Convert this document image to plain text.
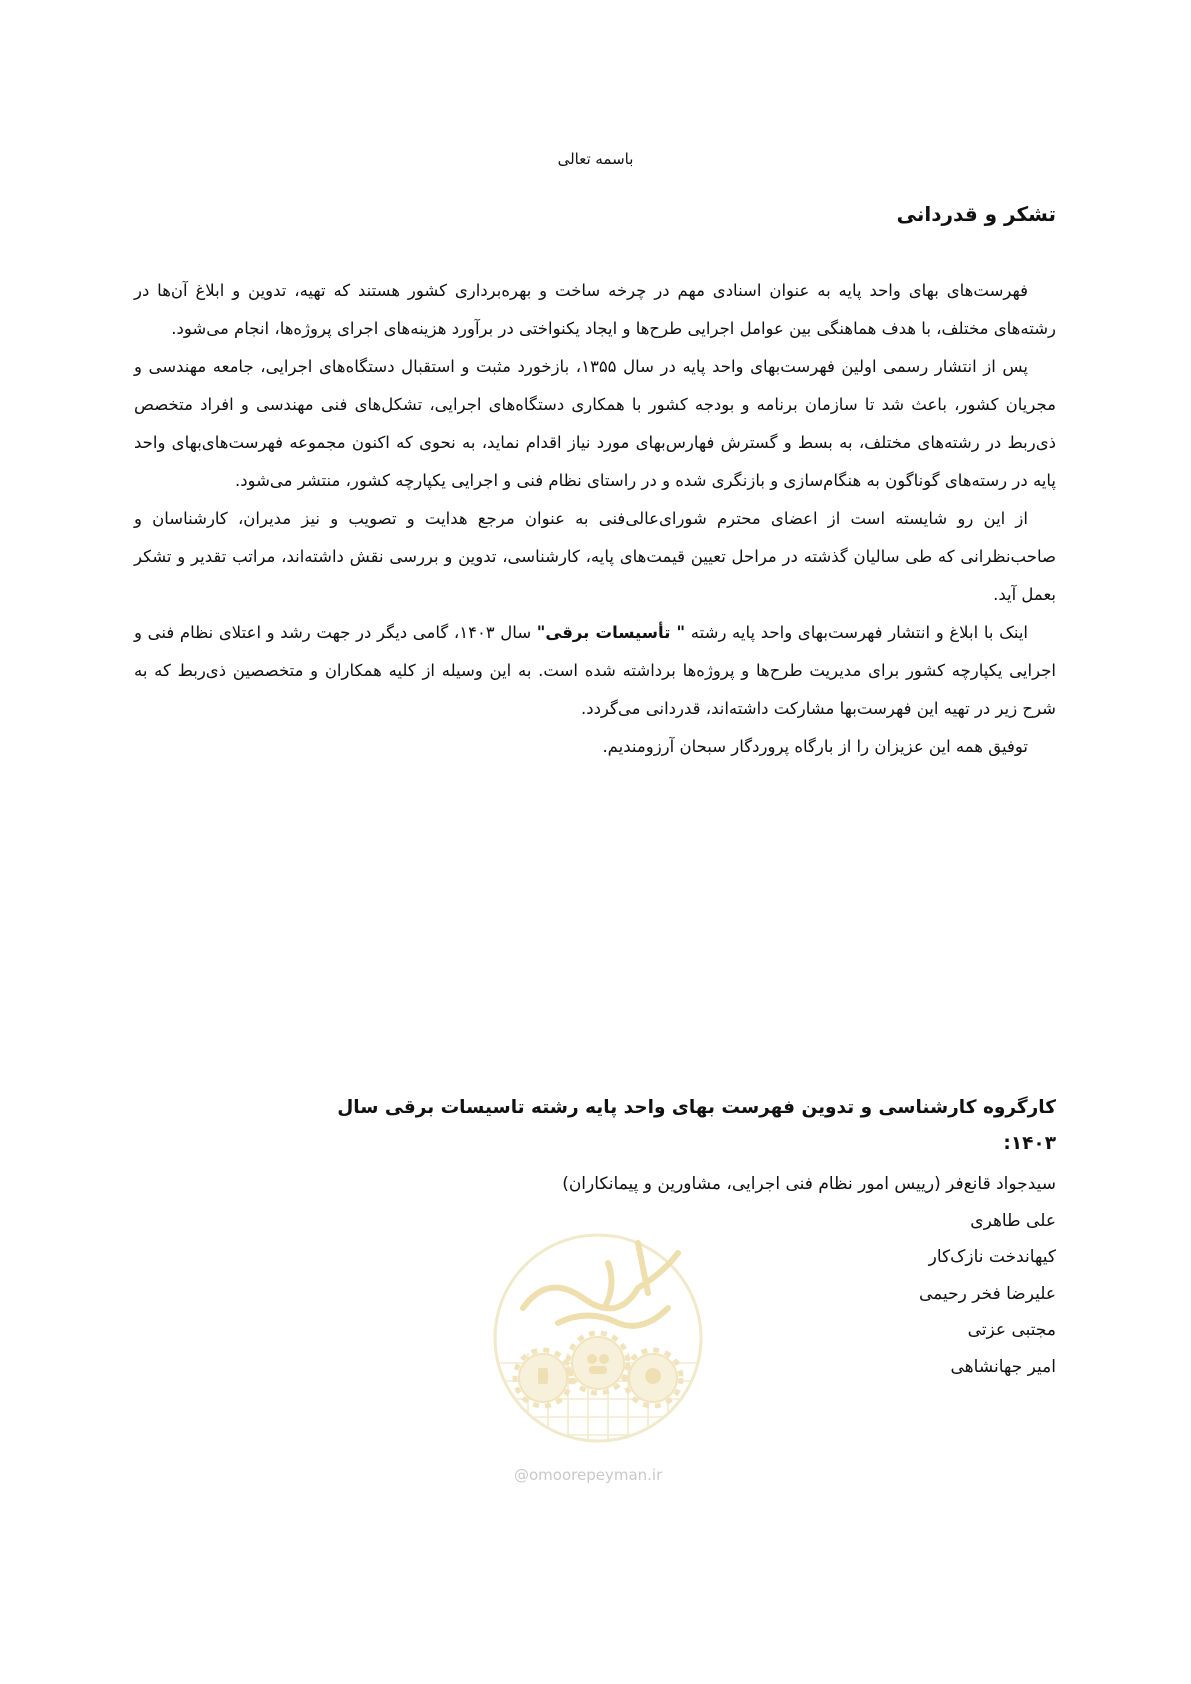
باسمه تعالی
تشکر و قدردانی

فهرست‌های بهای واحد پایه به عنوان اسنادی مهم در چرخه ساخت و بهره‌برداری کشور هستند که تهیه، تدوین و ابلاغ آن‌ها در رشته‌های مختلف، با هدف هماهنگی بین عوامل اجرایی طرح‌ها و ایجاد یکنواختی در برآورد هزینه‌های اجرای پروژه‌ها، انجام می‌شود.

پس از انتشار رسمی اولین فهرست‌بهای واحد پایه در سال ۱۳۵۵، بازخورد مثبت و استقبال دستگاه‌های اجرایی، جامعه مهندسی و مجریان کشور، باعث شد تا سازمان برنامه و بودجه کشور با همکاری دستگاه‌های اجرایی، تشکل‌های فنی مهندسی و افراد متخصص ذی‌ربط در رشته‌های مختلف، به بسط و گسترش فهارس‌بهای مورد نیاز اقدام نماید، به نحوی که اکنون مجموعه فهرست‌های‌بهای واحد پایه در رسته‌های گوناگون به هنگام‌سازی و بازنگری شده و در راستای نظام فنی و اجرایی یکپارچه کشور، منتشر می‌شود.

از این رو شایسته است از اعضای محترم شورای‌عالی‌فنی به عنوان مرجع هدایت و تصویب و نیز مدیران، کارشناسان و صاحب‌نظرانی که طی سالیان گذشته در مراحل تعیین قیمت‌های پایه، کارشناسی، تدوین و بررسی نقش داشته‌اند، مراتب تقدیر و تشکر بعمل آید.

اینک با ابلاغ و انتشار فهرست‌بهای واحد پایه رشته " تأسیسات برقی" سال ۱۴۰۳، گامی دیگر در جهت رشد و اعتلای نظام فنی و اجرایی یکپارچه کشور برای مدیریت طرح‌ها و پروژه‌ها برداشته شده است. به این وسیله از کلیه همکاران و متخصصین ذی‌ربط که به شرح زیر در تهیه این فهرست‌بها مشارکت داشته‌اند، قدردانی می‌گردد.

توفیق همه این عزیزان را از بارگاه پروردگار سبحان آرزومندیم.

کارگروه کارشناسی و تدوین فهرست بهای واحد پایه رشته تاسیسات برقی سال ۱۴۰۳:
سیدجواد قانع‌فر (رییس امور نظام فنی اجرایی، مشاورین و پیمانکاران)
علی طاهری
کیهاندخت نازک‌کار
علیرضا فخر رحیمی
مجتبی عزتی
امیر جهانشاهی
@omoorepeyman.ir
